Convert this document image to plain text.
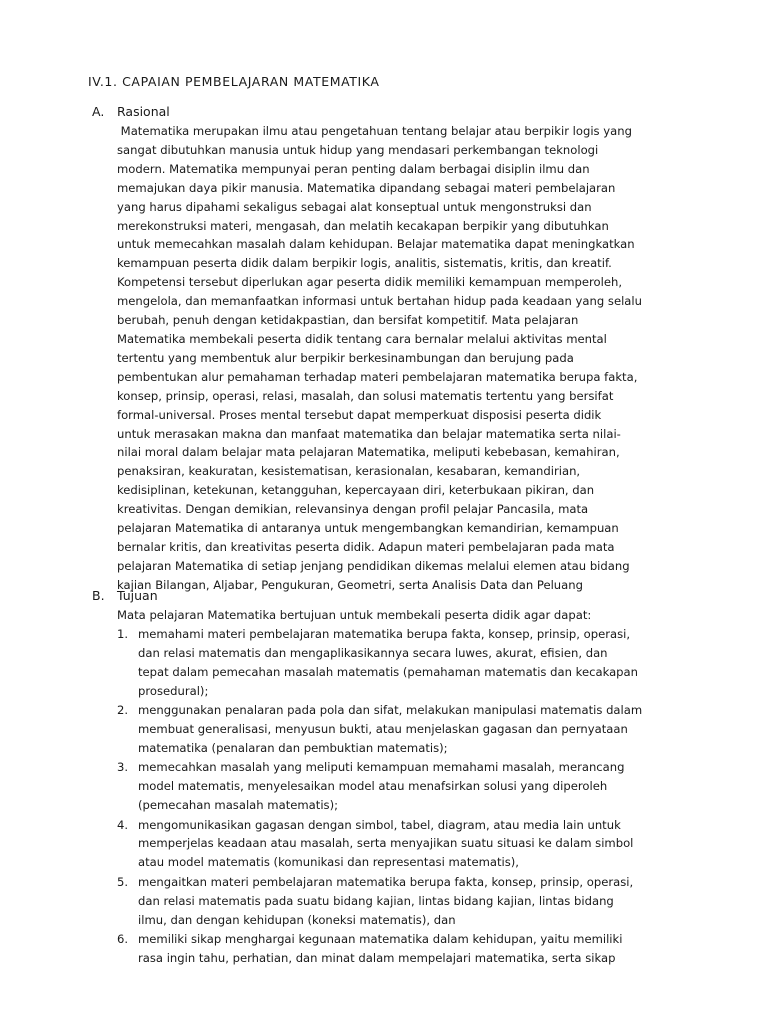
IV.1. CAPAIAN PEMBELAJARAN MATEMATIKA
A. Rasional
Matematika merupakan ilmu atau pengetahuan tentang belajar atau berpikir logis yang
sangat dibutuhkan manusia untuk hidup yang mendasari perkembangan teknologi
modern. Matematika mempunyai peran penting dalam berbagai disiplin ilmu dan
memajukan daya pikir manusia. Matematika dipandang sebagai materi pembelajaran
yang harus dipahami sekaligus sebagai alat konseptual untuk mengonstruksi dan
merekonstruksi materi, mengasah, dan melatih kecakapan berpikir yang dibutuhkan
untuk memecahkan masalah dalam kehidupan. Belajar matematika dapat meningkatkan
kemampuan peserta didik dalam berpikir logis, analitis, sistematis, kritis, dan kreatif.
Kompetensi tersebut diperlukan agar peserta didik memiliki kemampuan memperoleh,
mengelola, dan memanfaatkan informasi untuk bertahan hidup pada keadaan yang selalu
berubah, penuh dengan ketidakpastian, dan bersifat kompetitif. Mata pelajaran
Matematika membekali peserta didik tentang cara bernalar melalui aktivitas mental
tertentu yang membentuk alur berpikir berkesinambungan dan berujung pada
pembentukan alur pemahaman terhadap materi pembelajaran matematika berupa fakta,
konsep, prinsip, operasi, relasi, masalah, dan solusi matematis tertentu yang bersifat
formal-universal. Proses mental tersebut dapat memperkuat disposisi peserta didik
untuk merasakan makna dan manfaat matematika dan belajar matematika serta nilai-
nilai moral dalam belajar mata pelajaran Matematika, meliputi kebebasan, kemahiran,
penaksiran, keakuratan, kesistematisan, kerasionalan, kesabaran, kemandirian,
kedisiplinan, ketekunan, ketangguhan, kepercayaan diri, keterbukaan pikiran, dan
kreativitas. Dengan demikian, relevansinya dengan profil pelajar Pancasila, mata
pelajaran Matematika di antaranya untuk mengembangkan kemandirian, kemampuan
bernalar kritis, dan kreativitas peserta didik. Adapun materi pembelajaran pada mata
pelajaran Matematika di setiap jenjang pendidikan dikemas melalui elemen atau bidang
kajian Bilangan, Aljabar, Pengukuran, Geometri, serta Analisis Data dan Peluang
B. Tujuan
Mata pelajaran Matematika bertujuan untuk membekali peserta didik agar dapat:
1. memahami materi pembelajaran matematika berupa fakta, konsep, prinsip, operasi,
dan relasi matematis dan mengaplikasikannya secara luwes, akurat, efisien, dan
tepat dalam pemecahan masalah matematis (pemahaman matematis dan kecakapan
prosedural);
2. menggunakan penalaran pada pola dan sifat, melakukan manipulasi matematis dalam
membuat generalisasi, menyusun bukti, atau menjelaskan gagasan dan pernyataan
matematika (penalaran dan pembuktian matematis);
3. memecahkan masalah yang meliputi kemampuan memahami masalah, merancang
model matematis, menyelesaikan model atau menafsirkan solusi yang diperoleh
(pemecahan masalah matematis);
4. mengomunikasikan gagasan dengan simbol, tabel, diagram, atau media lain untuk
memperjelas keadaan atau masalah, serta menyajikan suatu situasi ke dalam simbol
atau model matematis (komunikasi dan representasi matematis),
5. mengaitkan materi pembelajaran matematika berupa fakta, konsep, prinsip, operasi,
dan relasi matematis pada suatu bidang kajian, lintas bidang kajian, lintas bidang
ilmu, dan dengan kehidupan (koneksi matematis), dan
6. memiliki sikap menghargai kegunaan matematika dalam kehidupan, yaitu memiliki
rasa ingin tahu, perhatian, dan minat dalam mempelajari matematika, serta sikap
